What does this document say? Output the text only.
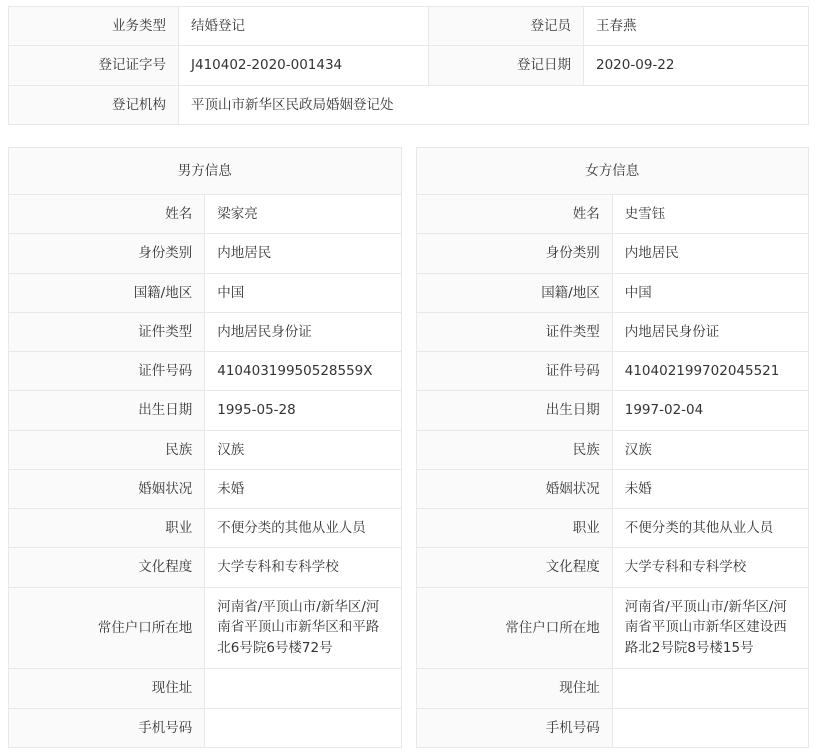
业务类型	结婚登记	登记员	王春燕
登记证字号	J410402-2020-001434	登记日期	2020-09-22
登记机构	平顶山市新华区民政局婚姻登记处		
男方信息	
姓名	梁家亮
身份类别	内地居民
国籍/地区	中国
证件类型	内地居民身份证
证件号码	41040319950528559X
出生日期	1995-05-28
民族	汉族
婚姻状况	未婚
职业	不便分类的其他从业人员
文化程度	大学专科和专科学校
常住户口所在地	河南省/平顶山市/新华区/河南省平顶山市新华区和平路北6号院6号楼72号
现住址	
手机号码	
女方信息	
姓名	史雪钰
身份类别	内地居民
国籍/地区	中国
证件类型	内地居民身份证
证件号码	410402199702045521
出生日期	1997-02-04
民族	汉族
婚姻状况	未婚
职业	不便分类的其他从业人员
文化程度	大学专科和专科学校
常住户口所在地	河南省/平顶山市/新华区/河南省平顶山市新华区建设西路北2号院8号楼15号
现住址	
手机号码	
